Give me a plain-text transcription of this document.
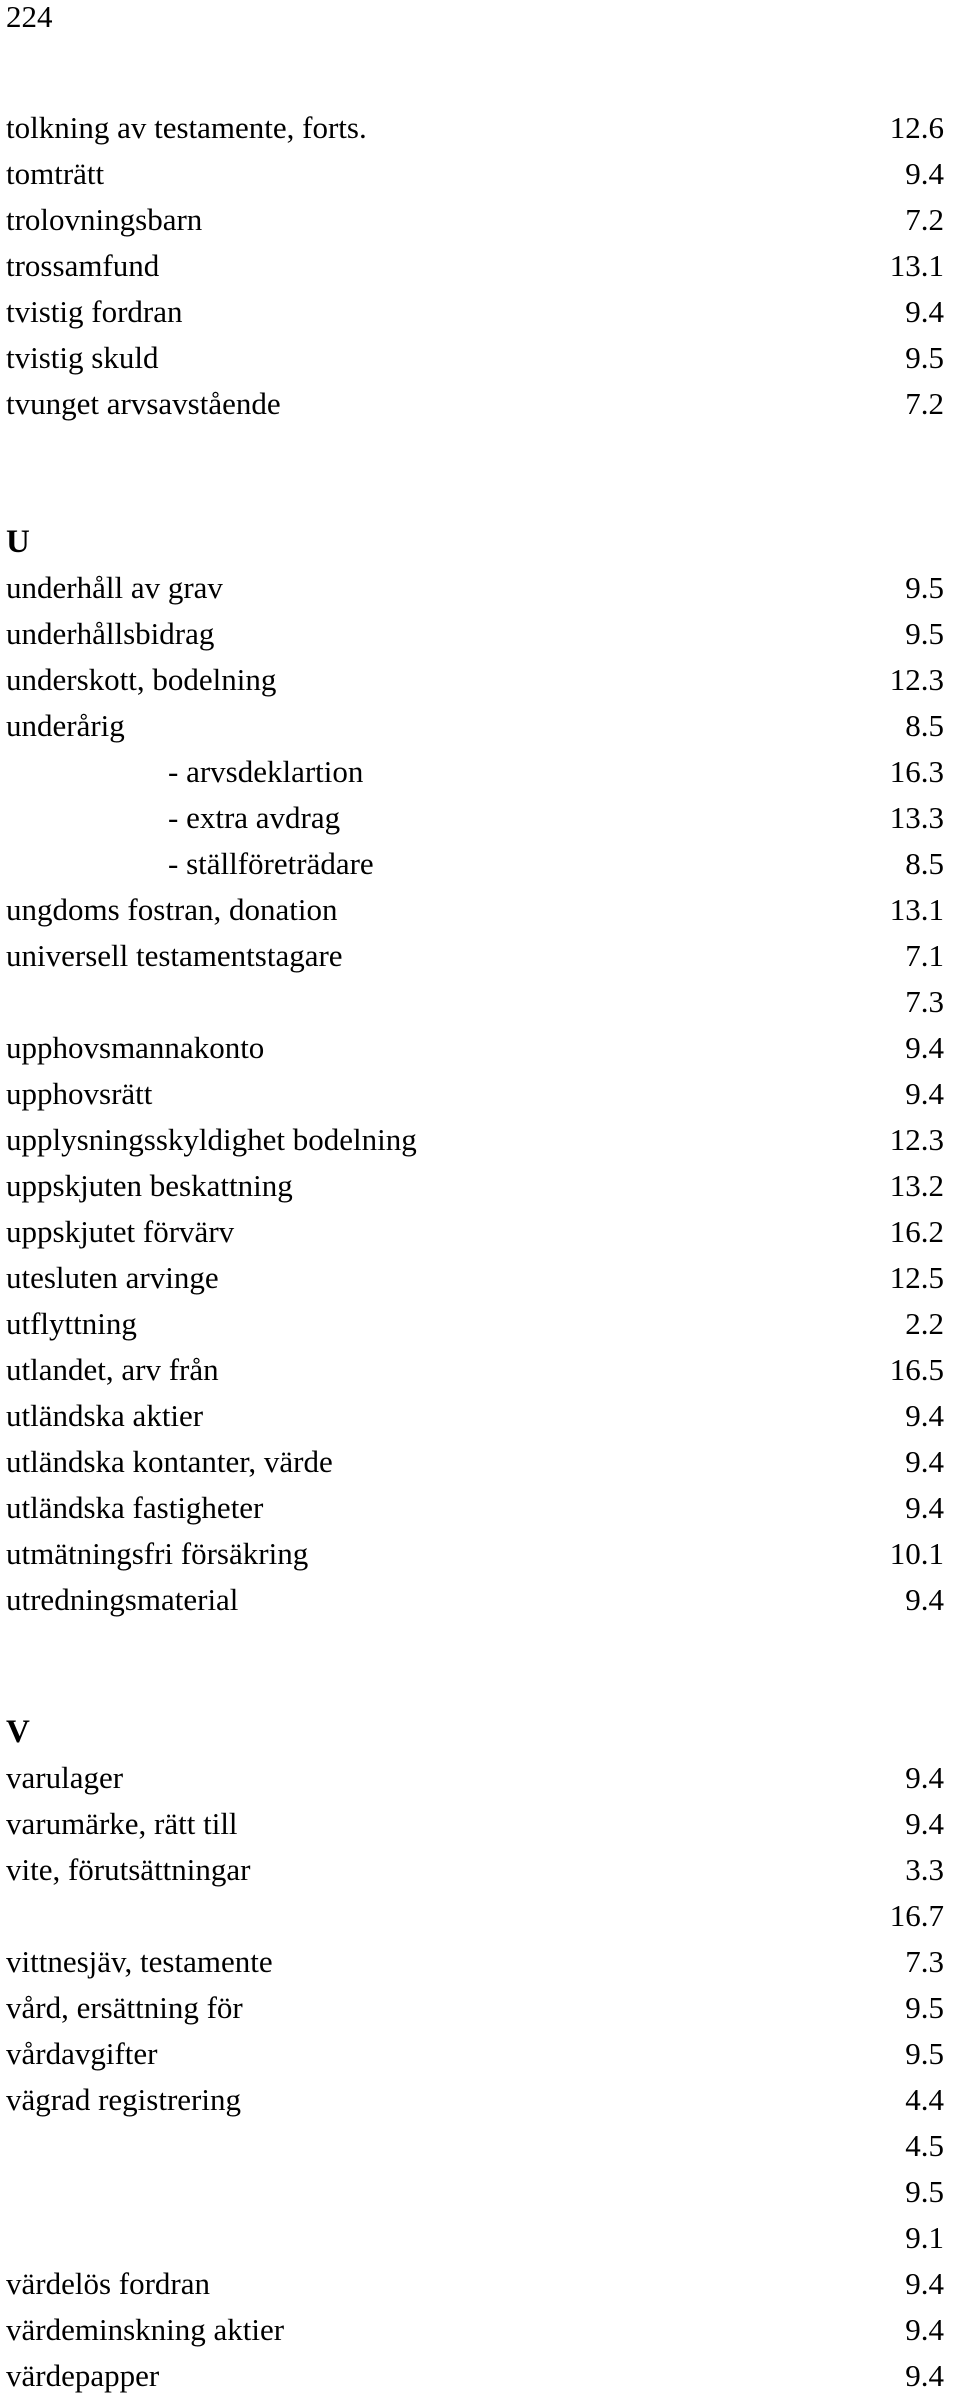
224
tolkning av testamente, forts.	12.6
tomträtt	9.4
trolovningsbarn	7.2
trossamfund	13.1
tvistig fordran	9.4
tvistig skuld	9.5
tvunget arvsavstående	7.2
U
underhåll av grav	9.5
underhållsbidrag	9.5
underskott, bodelning	12.3
underårig	8.5
- arvsdeklartion	16.3
- extra avdrag	13.3
- ställföreträdare	8.5
ungdoms fostran, donation	13.1
universell testamentstagare	7.1
7.3
upphovsmannakonto	9.4
upphovsrätt	9.4
upplysningsskyldighet bodelning	12.3
uppskjuten beskattning	13.2
uppskjutet förvärv	16.2
utesluten arvinge	12.5
utflyttning	2.2
utlandet, arv från	16.5
utländska aktier	9.4
utländska kontanter, värde	9.4
utländska fastigheter	9.4
utmätningsfri försäkring	10.1
utredningsmaterial	9.4
V
varulager	9.4
varumärke, rätt till	9.4
vite, förutsättningar	3.3
16.7
vittnesjäv, testamente	7.3
vård, ersättning för	9.5
vårdavgifter	9.5
vägrad registrering	4.4
4.5
9.5
9.1
värdelös fordran	9.4
värdeminskning aktier	9.4
värdepapper	9.4
